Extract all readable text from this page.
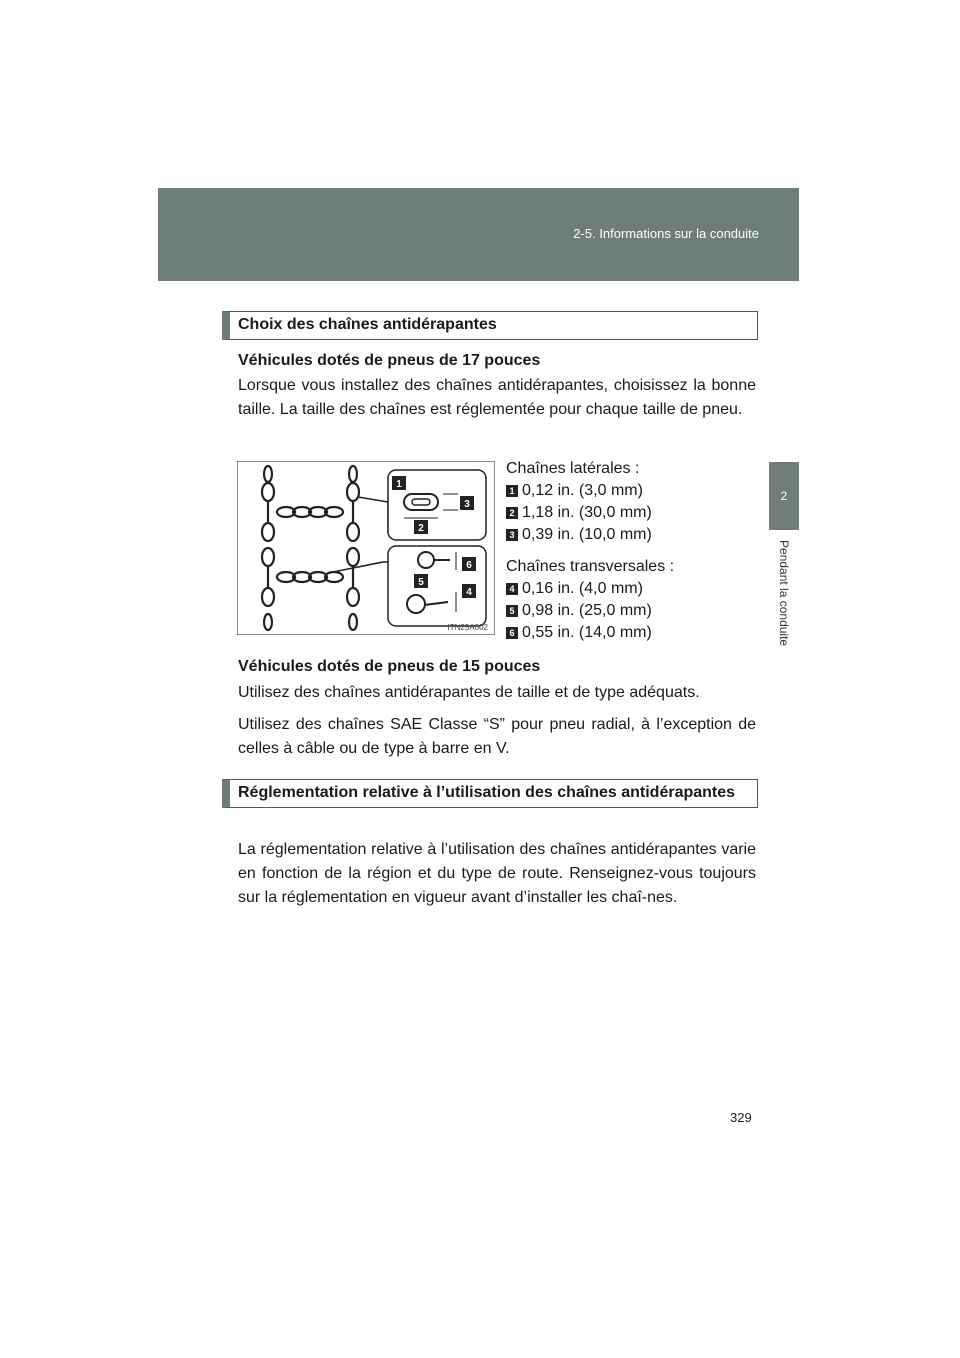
2-5. Informations sur la conduite
2
Pendant la conduite
Choix des chaînes antidérapantes
Véhicules dotés de pneus de 17 pouces
Lorsque vous installez des chaînes antidérapantes, choisissez la bonne taille. La taille des chaînes est réglementée pour chaque taille de pneu.
1
2
3
6
5
4
ITN25A002
Chaînes latérales :
1 0,12 in. (3,0 mm)
2 1,18 in. (30,0 mm)
3 0,39 in. (10,0 mm)
Chaînes transversales :
4 0,16 in. (4,0 mm)
5 0,98 in. (25,0 mm)
6 0,55 in. (14,0 mm)
Véhicules dotés de pneus de 15 pouces
Utilisez des chaînes antidérapantes de taille et de type adéquats.
Utilisez des chaînes SAE Classe “S” pour pneu radial, à l’exception de celles à câble ou de type à barre en V.
Réglementation relative à l’utilisation des chaînes antidérapantes
La réglementation relative à l’utilisation des chaînes antidérapantes varie en fonction de la région et du type de route. Renseignez-vous toujours sur la réglementation en vigueur avant d’installer les chaî-nes.
329
